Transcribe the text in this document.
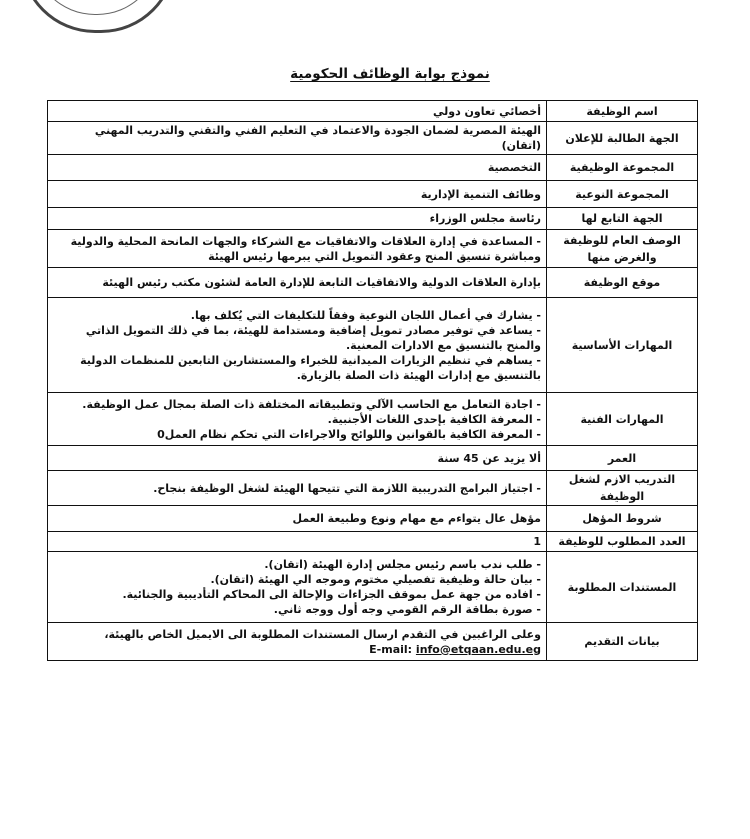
نموذج بوابة الوظائف الحكومية
اسم الوظيفة	أخصائي تعاون دولي
الجهة الطالبة للإعلان	الهيئة المصرية لضمان الجودة والاعتماد في التعليم الفني والتقني والتدريب المهني (اتقان)
المجموعة الوظيفية	التخصصية
المجموعة النوعية	وظائف التنمية الإدارية
الجهة التابع لها	رئاسة مجلس الوزراء
الوصف العام للوظيفة والغرض منها	- المساعدة في إدارة العلاقات والاتفاقيات مع الشركاء والجهات المانحة المحلية والدولية ومباشرة تنسيق المنح وعقود التمويل التي يبرمها رئيس الهيئة
موقع الوظيفة	بإدارة العلاقات الدولية والاتفاقيات التابعة للإدارة العامة لشئون مكتب رئيس الهيئة
المهارات الأساسية	- يشارك في أعمال اللجان النوعية وفقاً للتكليفات التي يُكلف بها.
- يساعد في توفير مصادر تمويل إضافية ومستدامة للهيئة، بما في ذلك التمويل الذاتي والمنح بالتنسيق مع الادارات المعنية.
- يساهم في تنظيم الزيارات الميدانية للخبراء والمستشارين التابعين للمنظمات الدولية بالتنسيق مع إدارات الهيئة ذات الصلة بالزيارة.

المهارات الفنية	- اجادة التعامل مع الحاسب الآلي وتطبيقاته المختلفة ذات الصلة بمجال عمل الوظيفة.
- المعرفة الكافية بإحدى اللغات الأجنبية.
- المعرفة الكافية بالقوانين واللوائح والاجراءات التي تحكم نظام العمل0

العمر	ألا يزيد عن 45 سنة
التدريب الازم لشغل الوظيفة	- اجتياز البرامج التدريبية اللازمة التي تتيحها الهيئة لشغل الوظيفة بنجاح.
شروط المؤهل	مؤهل عال يتواءم مع مهام ونوع وطبيعة العمل
العدد المطلوب للوظيفة	1
المستندات المطلوبة	- طلب ندب باسم رئيس مجلس إدارة الهيئة (اتقان).
- بيان حالة وظيفية تفصيلي مختوم وموجه الي الهيئة (اتقان).
- افاده من جهة عمل بموقف الجزاءات والإحالة الى المحاكم التأديبية والجنائية.
- صورة بطاقة الرقم القومي وجه أول ووجه ثاني.

بيانات التقديم	وعلى الراغبين في التقدم ارسال المستندات المطلوبة الى الايميل الخاص بالهيئة،
E-mail: info@etqaan.edu.eg
